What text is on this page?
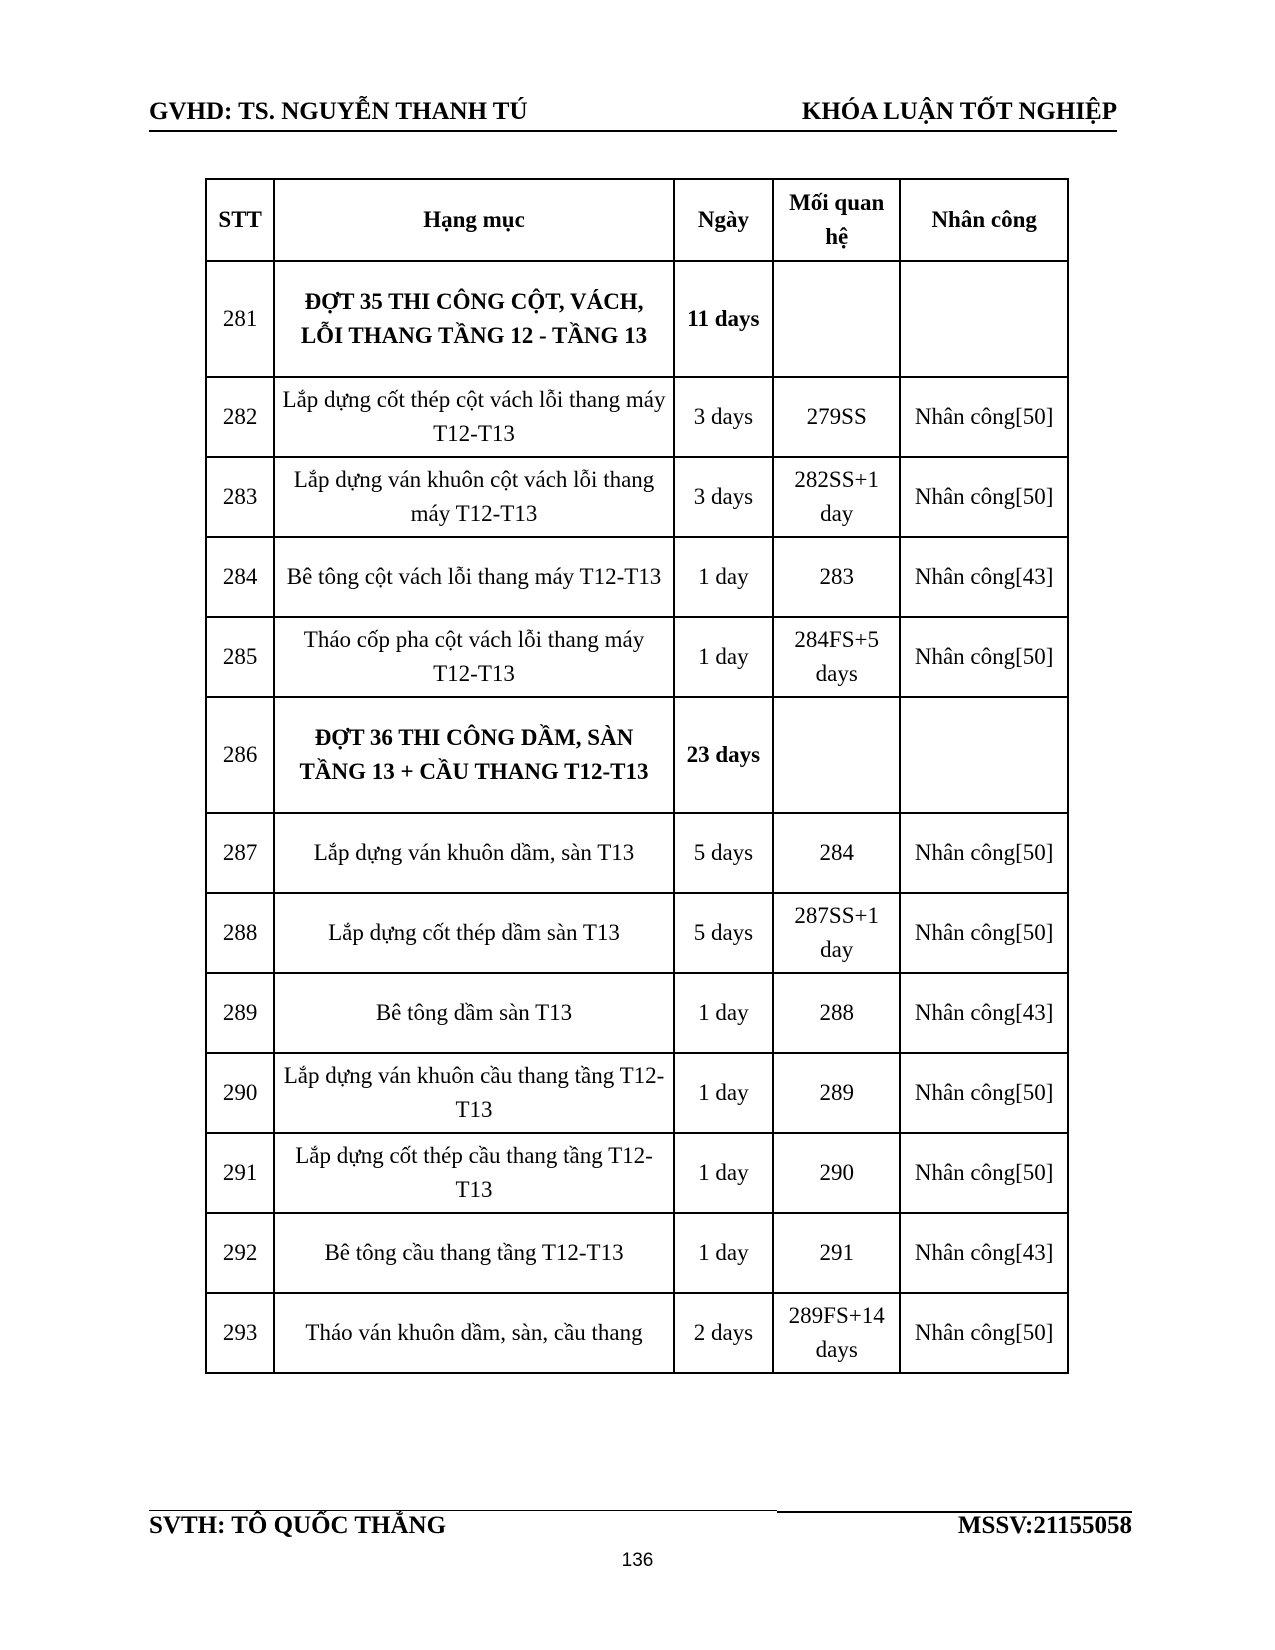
GVHD: TS. NGUYỄN THANH TÚ	KHÓA LUẬN TỐT NGHIỆP
STT	Hạng mục	Ngày	Mối quan hệ	Nhân công
281	ĐỢT 35 THI CÔNG CỘT, VÁCH, LỖI THANG TẦNG 12 - TẦNG 13	11 days		
282	Lắp dựng cốt thép cột vách lỗi thang máy T12-T13	3 days	279SS	Nhân công[50]
283	Lắp dựng ván khuôn cột vách lỗi thang máy T12-T13	3 days	282SS+1 day	Nhân công[50]
284	Bê tông cột vách lỗi thang máy T12-T13	1 day	283	Nhân công[43]
285	Tháo cốp pha cột vách lỗi thang máy T12-T13	1 day	284FS+5 days	Nhân công[50]
286	ĐỢT 36 THI CÔNG DẦM, SÀN TẦNG 13 + CẦU THANG T12-T13	23 days		
287	Lắp dựng ván khuôn dầm, sàn T13	5 days	284	Nhân công[50]
288	Lắp dựng cốt thép dầm sàn T13	5 days	287SS+1 day	Nhân công[50]
289	Bê tông dầm sàn T13	1 day	288	Nhân công[43]
290	Lắp dựng ván khuôn cầu thang tầng T12-T13	1 day	289	Nhân công[50]
291	Lắp dựng cốt thép cầu thang tầng T12-T13	1 day	290	Nhân công[50]
292	Bê tông cầu thang tầng T12-T13	1 day	291	Nhân công[43]
293	Tháo ván khuôn dầm, sàn, cầu thang	2 days	289FS+14 days	Nhân công[50]
SVTH: TÔ QUỐC THẮNG	MSSV:21155058
136
